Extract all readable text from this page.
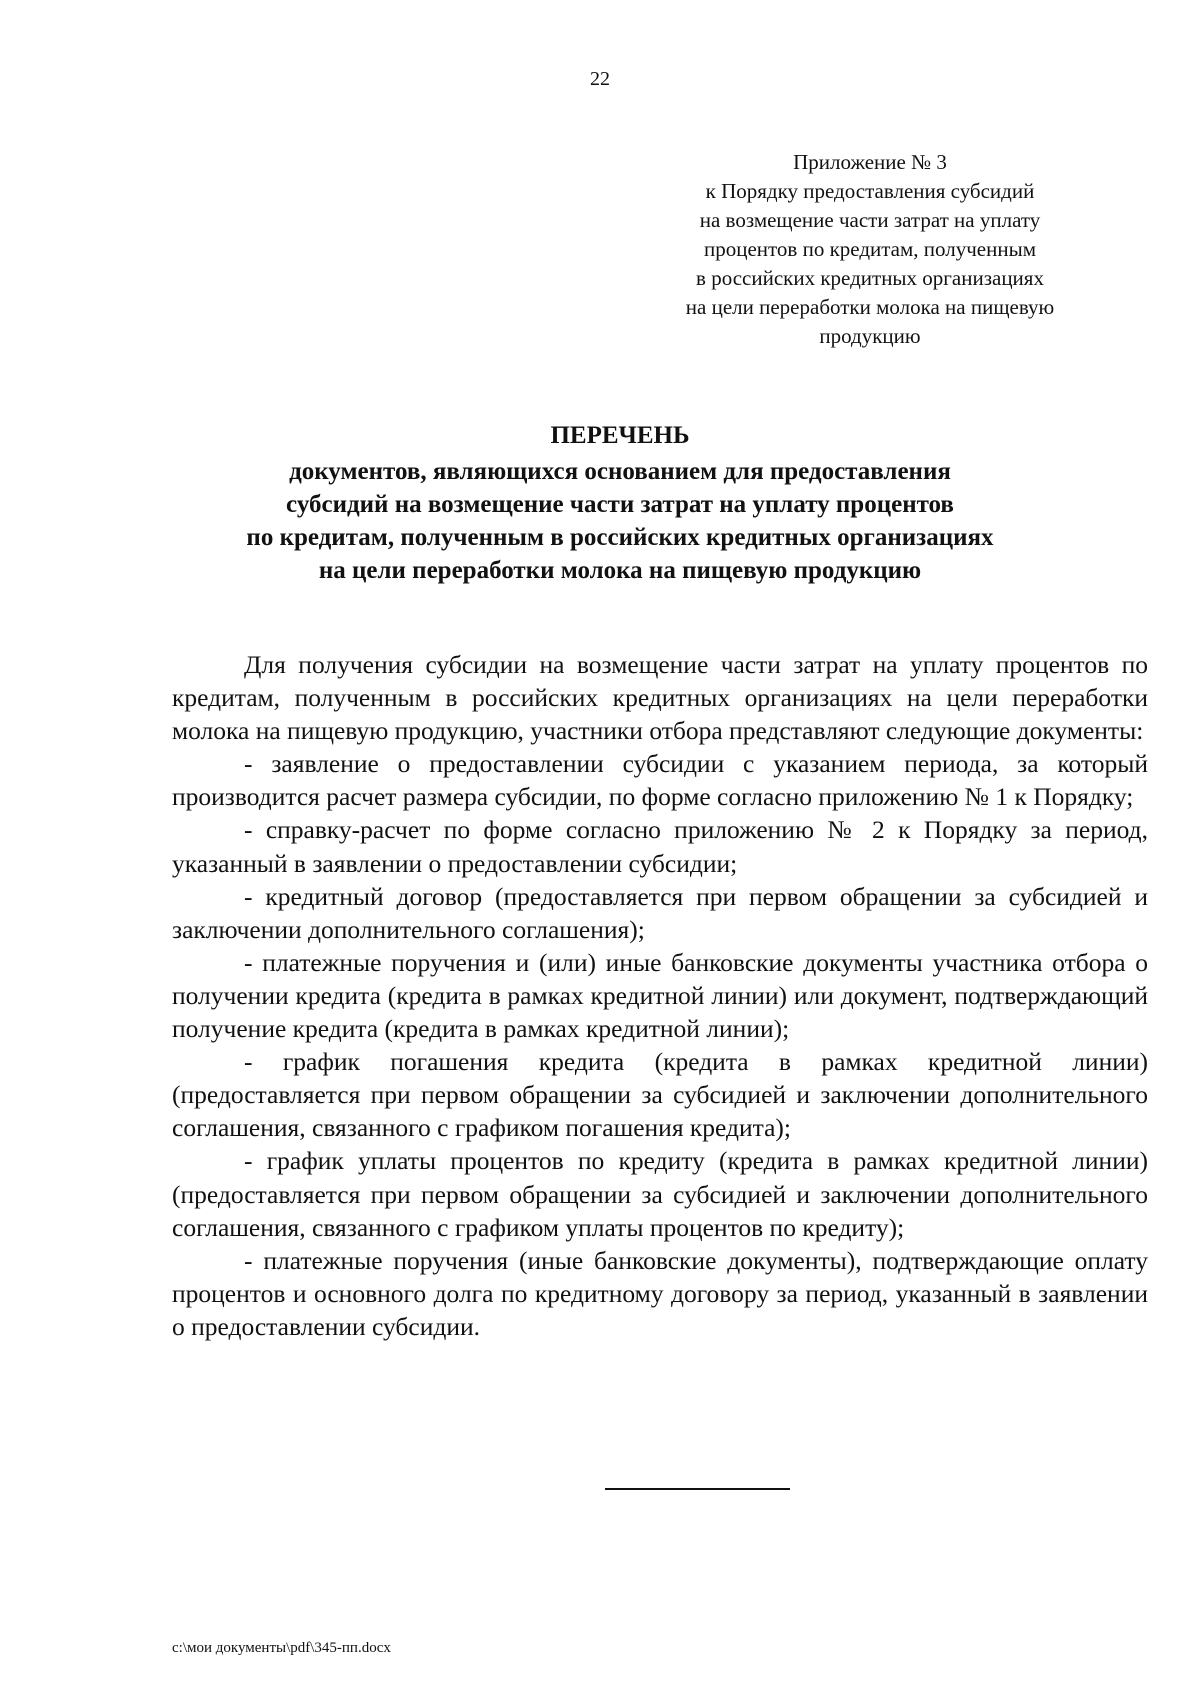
22
Приложение № 3
к Порядку предоставления субсидий
на возмещение части затрат на уплату
процентов по кредитам, полученным
в российских кредитных организациях
на цели переработки молока на пищевую
продукцию
ПЕРЕЧЕНЬ
документов, являющихся основанием для предоставления
субсидий на возмещение части затрат на уплату процентов
по кредитам, полученным в российских кредитных организациях
на цели переработки молока на пищевую продукцию

Для получения субсидии на возмещение части затрат на уплату процентов по кредитам, полученным в российских кредитных организациях на цели переработки молока на пищевую продукцию, участники отбора представляют следующие документы:

- заявление о предоставлении субсидии с указанием периода, за который производится расчет размера субсидии, по форме согласно приложению № 1 к Порядку;

- справку-расчет по форме согласно приложению № 2 к Порядку за период, указанный в заявлении о предоставлении субсидии;

- кредитный договор (предоставляется при первом обращении за субсидией и заключении дополнительного соглашения);

- платежные поручения и (или) иные банковские документы участника отбора о получении кредита (кредита в рамках кредитной линии) или документ, подтверждающий получение кредита (кредита в рамках кредитной линии);

- график погашения кредита (кредита в рамках кредитной линии) (предоставляется при первом обращении за субсидией и заключении дополнительного соглашения, связанного с графиком погашения кредита);

- график уплаты процентов по кредиту (кредита в рамках кредитной линии) (предоставляется при первом обращении за субсидией и заключении дополнительного соглашения, связанного с графиком уплаты процентов по кредиту);

- платежные поручения (иные банковские документы), подтверждающие оплату процентов и основного долга по кредитному договору за период, указанный в заявлении о предоставлении субсидии.

c:\мои документы\pdf\345-пп.docx
